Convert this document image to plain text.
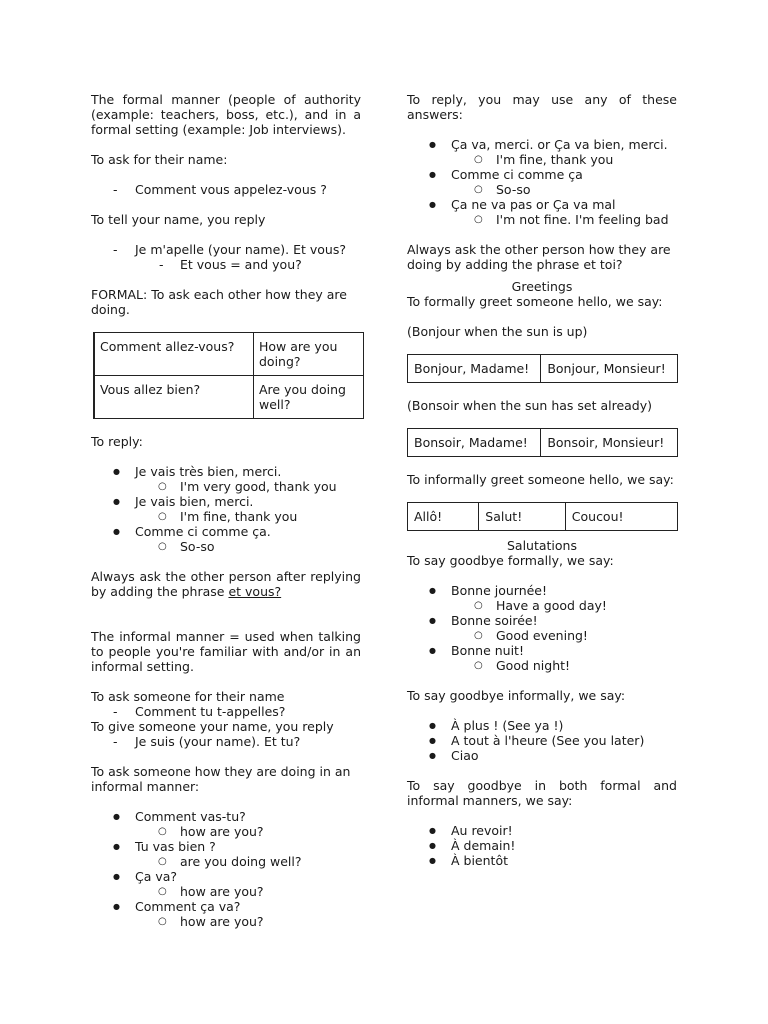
The formal manner (people of authority (example: teachers, boss, etc.), and in a formal setting (example: Job interviews).

To ask for their name:

- Comment vous appelez-vous ?

To tell your name, you reply

- Je m'apelle (your name). Et vous?

- Et vous = and you?

FORMAL: To ask each other how they are doing.

Comment allez-vous?	How are you doing?
Vous allez bien?	Are you doing well?

To reply:

● Je vais très bien, merci.

○ I'm very good, thank you

● Je vais bien, merci.

○ I'm fine, thank you

● Comme ci comme ça.

○ So-so

Always ask the other person after replying by adding the phrase et vous?

The informal manner = used when talking to people you're familiar with and/or in an informal setting.

To ask someone for their name

- Comment tu t-appelles?

To give someone your name, you reply

- Je suis (your name). Et tu?

To ask someone how they are doing in an informal manner:

● Comment vas-tu?

○ how are you?

● Tu vas bien ?

○ are you doing well?

● Ça va?

○ how are you?

● Comment ça va?

○ how are you?

To reply, you may use any of these answers:

● Ça va, merci. or Ça va bien, merci.

○ I'm fine, thank you

● Comme ci comme ça

○ So-so

● Ça ne va pas or Ça va mal

○ I'm not fine. I'm feeling bad

Always ask the other person how they are doing by adding the phrase et toi?

Greetings

To formally greet someone hello, we say:

(Bonjour when the sun is up)

Bonjour, Madame!	Bonjour, Monsieur!

(Bonsoir when the sun has set already)

Bonsoir, Madame!	Bonsoir, Monsieur!

To informally greet someone hello, we say:

Allô!	Salut!	Coucou!

Salutations

To say goodbye formally, we say:

● Bonne journée!

○ Have a good day!

● Bonne soirée!

○ Good evening!

● Bonne nuit!

○ Good night!

To say goodbye informally, we say:

● À plus ! (See ya !)

● A tout à l'heure (See you later)

● Ciao

To say goodbye in both formal and informal manners, we say:

● Au revoir!

● À demain!

● À bientôt
